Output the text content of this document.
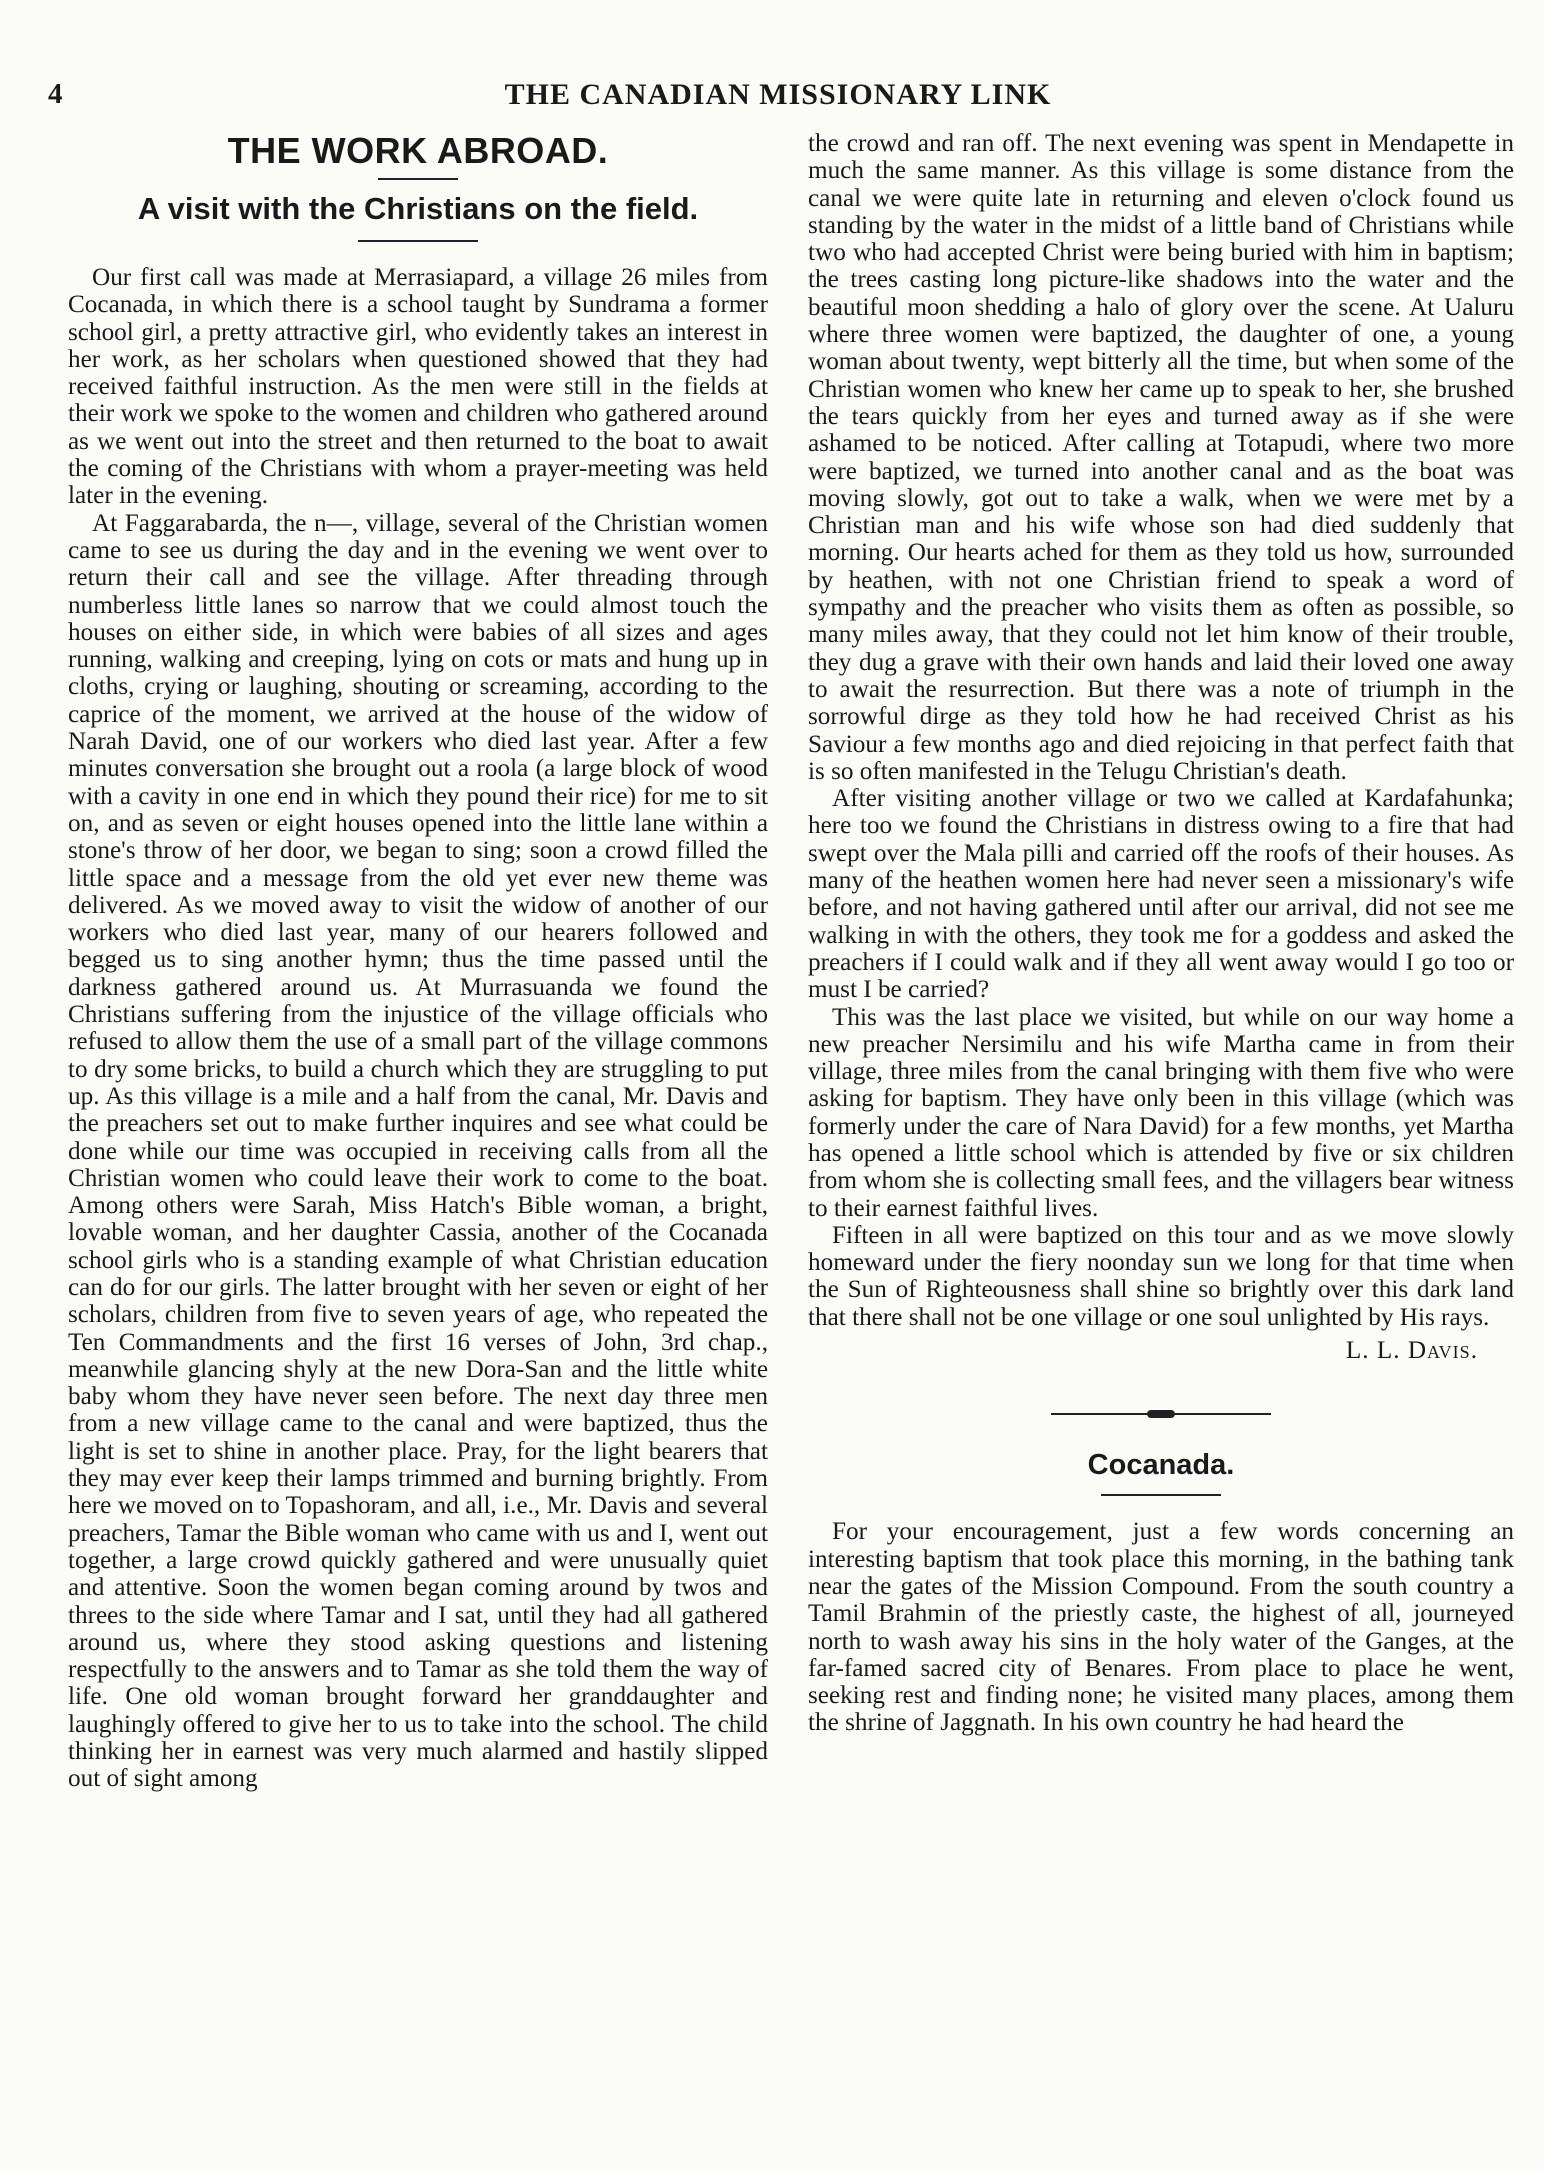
4	THE CANADIAN MISSIONARY LINK
THE WORK ABROAD.
A visit with the Christians on the field.

Our first call was made at Merrasiapard, a village 26 miles from Cocanada, in which there is a school taught by Sundrama a former school girl, a pretty attractive girl, who evidently takes an interest in her work, as her scholars when questioned showed that they had received faithful instruction. As the men were still in the fields at their work we spoke to the women and children who gathered around as we went out into the street and then returned to the boat to await the coming of the Christians with whom a prayer-meeting was held later in the evening.

At Faggarabarda, the n—, village, several of the Christian women came to see us during the day and in the evening we went over to return their call and see the village. After threading through numberless little lanes so narrow that we could almost touch the houses on either side, in which were babies of all sizes and ages running, walking and creeping, lying on cots or mats and hung up in cloths, crying or laughing, shouting or screaming, according to the caprice of the moment, we arrived at the house of the widow of Narah David, one of our workers who died last year. After a few minutes conversation she brought out a roola (a large block of wood with a cavity in one end in which they pound their rice) for me to sit on, and as seven or eight houses opened into the little lane within a stone's throw of her door, we began to sing; soon a crowd filled the little space and a message from the old yet ever new theme was delivered. As we moved away to visit the widow of another of our workers who died last year, many of our hearers followed and begged us to sing another hymn; thus the time passed until the darkness gathered around us. At Murrasuanda we found the Christians suffering from the injustice of the village officials who refused to allow them the use of a small part of the village commons to dry some bricks, to build a church which they are struggling to put up. As this village is a mile and a half from the canal, Mr. Davis and the preachers set out to make further inquires and see what could be done while our time was occupied in receiving calls from all the Christian women who could leave their work to come to the boat. Among others were Sarah, Miss Hatch's Bible woman, a bright, lovable woman, and her daughter Cassia, another of the Cocanada school girls who is a standing example of what Christian education can do for our girls. The latter brought with her seven or eight of her scholars, children from five to seven years of age, who repeated the Ten Commandments and the first 16 verses of John, 3rd chap., meanwhile glancing shyly at the new Dora-San and the little white baby whom they have never seen before. The next day three men from a new village came to the canal and were baptized, thus the light is set to shine in another place. Pray, for the light bearers that they may ever keep their lamps trimmed and burning brightly. From here we moved on to Topashoram, and all, i.e., Mr. Davis and several preachers, Tamar the Bible woman who came with us and I, went out together, a large crowd quickly gathered and were unusually quiet and attentive. Soon the women began coming around by twos and threes to the side where Tamar and I sat, until they had all gathered around us, where they stood asking questions and listening respectfully to the answers and to Tamar as she told them the way of life. One old woman brought forward her granddaughter and laughingly offered to give her to us to take into the school. The child thinking her in earnest was very much alarmed and hastily slipped out of sight among

the crowd and ran off. The next evening was spent in Mendapette in much the same manner. As this village is some distance from the canal we were quite late in returning and eleven o'clock found us standing by the water in the midst of a little band of Christians while two who had accepted Christ were being buried with him in baptism; the trees casting long picture-like shadows into the water and the beautiful moon shedding a halo of glory over the scene. At Ualuru where three women were baptized, the daughter of one, a young woman about twenty, wept bitterly all the time, but when some of the Christian women who knew her came up to speak to her, she brushed the tears quickly from her eyes and turned away as if she were ashamed to be noticed. After calling at Totapudi, where two more were baptized, we turned into another canal and as the boat was moving slowly, got out to take a walk, when we were met by a Christian man and his wife whose son had died suddenly that morning. Our hearts ached for them as they told us how, surrounded by heathen, with not one Christian friend to speak a word of sympathy and the preacher who visits them as often as possible, so many miles away, that they could not let him know of their trouble, they dug a grave with their own hands and laid their loved one away to await the resurrection. But there was a note of triumph in the sorrowful dirge as they told how he had received Christ as his Saviour a few months ago and died rejoicing in that perfect faith that is so often manifested in the Telugu Christian's death.

After visiting another village or two we called at Kardafahunka; here too we found the Christians in distress owing to a fire that had swept over the Mala pilli and carried off the roofs of their houses. As many of the heathen women here had never seen a missionary's wife before, and not having gathered until after our arrival, did not see me walking in with the others, they took me for a goddess and asked the preachers if I could walk and if they all went away would I go too or must I be carried?

This was the last place we visited, but while on our way home a new preacher Nersimilu and his wife Martha came in from their village, three miles from the canal bringing with them five who were asking for baptism. They have only been in this village (which was formerly under the care of Nara David) for a few months, yet Martha has opened a little school which is attended by five or six children from whom she is collecting small fees, and the villagers bear witness to their earnest faithful lives.

Fifteen in all were baptized on this tour and as we move slowly homeward under the fiery noonday sun we long for that time when the Sun of Righteousness shall shine so brightly over this dark land that there shall not be one village or one soul unlighted by His rays.

L. L. Davis.
Cocanada.

For your encouragement, just a few words concerning an interesting baptism that took place this morning, in the bathing tank near the gates of the Mission Compound. From the south country a Tamil Brahmin of the priestly caste, the highest of all, journeyed north to wash away his sins in the holy water of the Ganges, at the far-famed sacred city of Benares. From place to place he went, seeking rest and finding none; he visited many places, among them the shrine of Jaggnath. In his own country he had heard the
